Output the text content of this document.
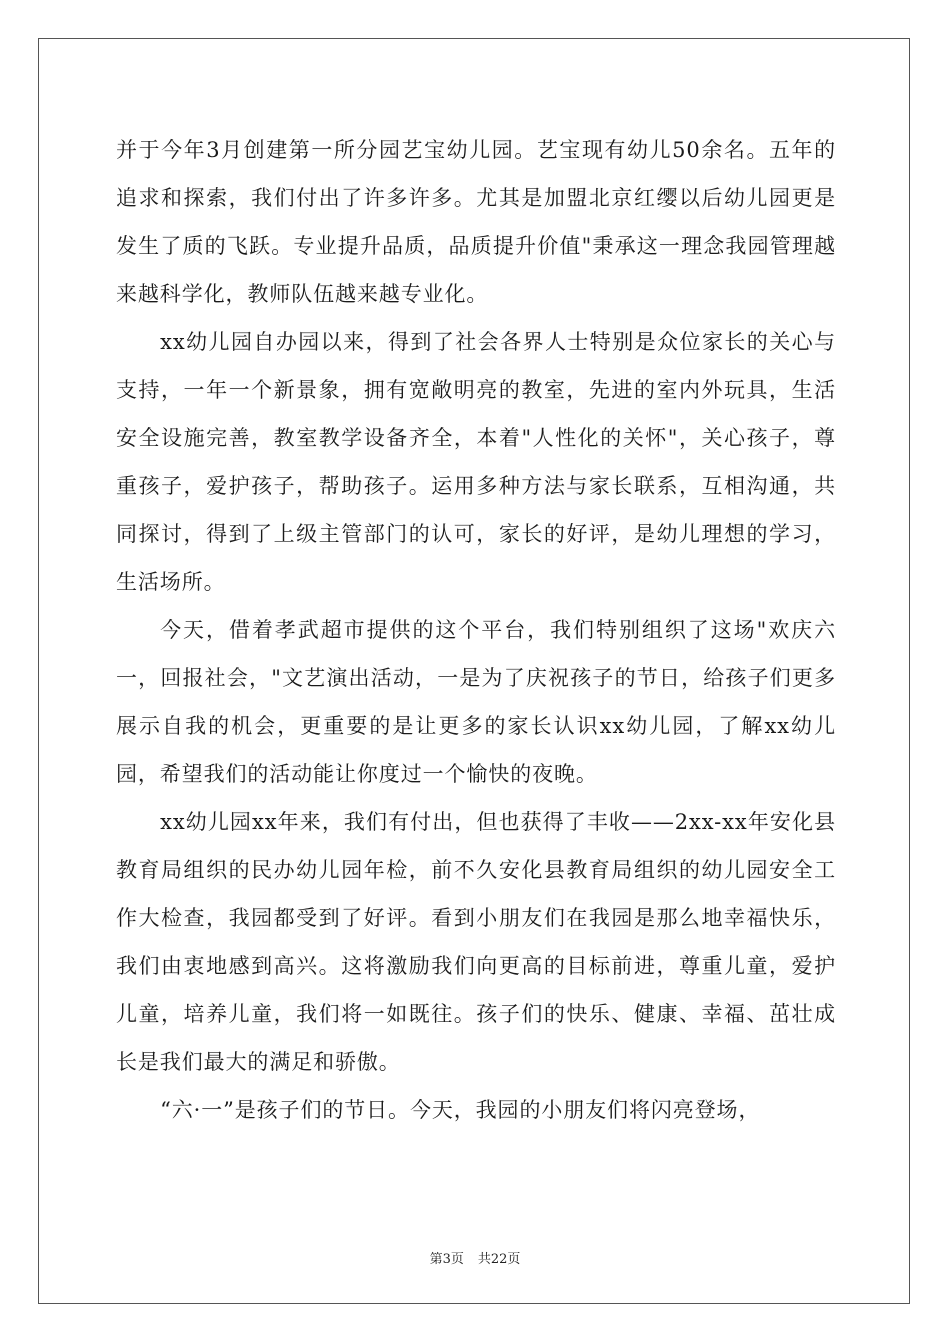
并于今年3月创建第一所分园艺宝幼儿园。艺宝现有幼儿50余名。五年的追求和探索，我们付出了许多许多。尤其是加盟北京红缨以后幼儿园更是发生了质的飞跃。专业提升品质，品质提升价值"秉承这一理念我园管理越来越科学化，教师队伍越来越专业化。

xx幼儿园自办园以来，得到了社会各界人士特别是众位家长的关心与支持，一年一个新景象，拥有宽敞明亮的教室，先进的室内外玩具，生活安全设施完善，教室教学设备齐全，本着"人性化的关怀"，关心孩子，尊重孩子，爱护孩子，帮助孩子。运用多种方法与家长联系，互相沟通，共同探讨，得到了上级主管部门的认可，家长的好评，是幼儿理想的学习，生活场所。

今天，借着孝武超市提供的这个平台，我们特别组织了这场"欢庆六一，回报社会，"文艺演出活动，一是为了庆祝孩子的节日，给孩子们更多展示自我的机会，更重要的是让更多的家长认识xx幼儿园，了解xx幼儿园，希望我们的活动能让你度过一个愉快的夜晚。

xx幼儿园xx年来，我们有付出，但也获得了丰收——2xx-xx年安化县教育局组织的民办幼儿园年检，前不久安化县教育局组织的幼儿园安全工作大检查，我园都受到了好评。看到小朋友们在我园是那么地幸福快乐，我们由衷地感到高兴。这将激励我们向更高的目标前进，尊重儿童，爱护儿童，培养儿童，我们将一如既往。孩子们的快乐、健康、幸福、茁壮成长是我们最大的满足和骄傲。

“六·一”是孩子们的节日。今天，我园的小朋友们将闪亮登场，

第3页 共22页
